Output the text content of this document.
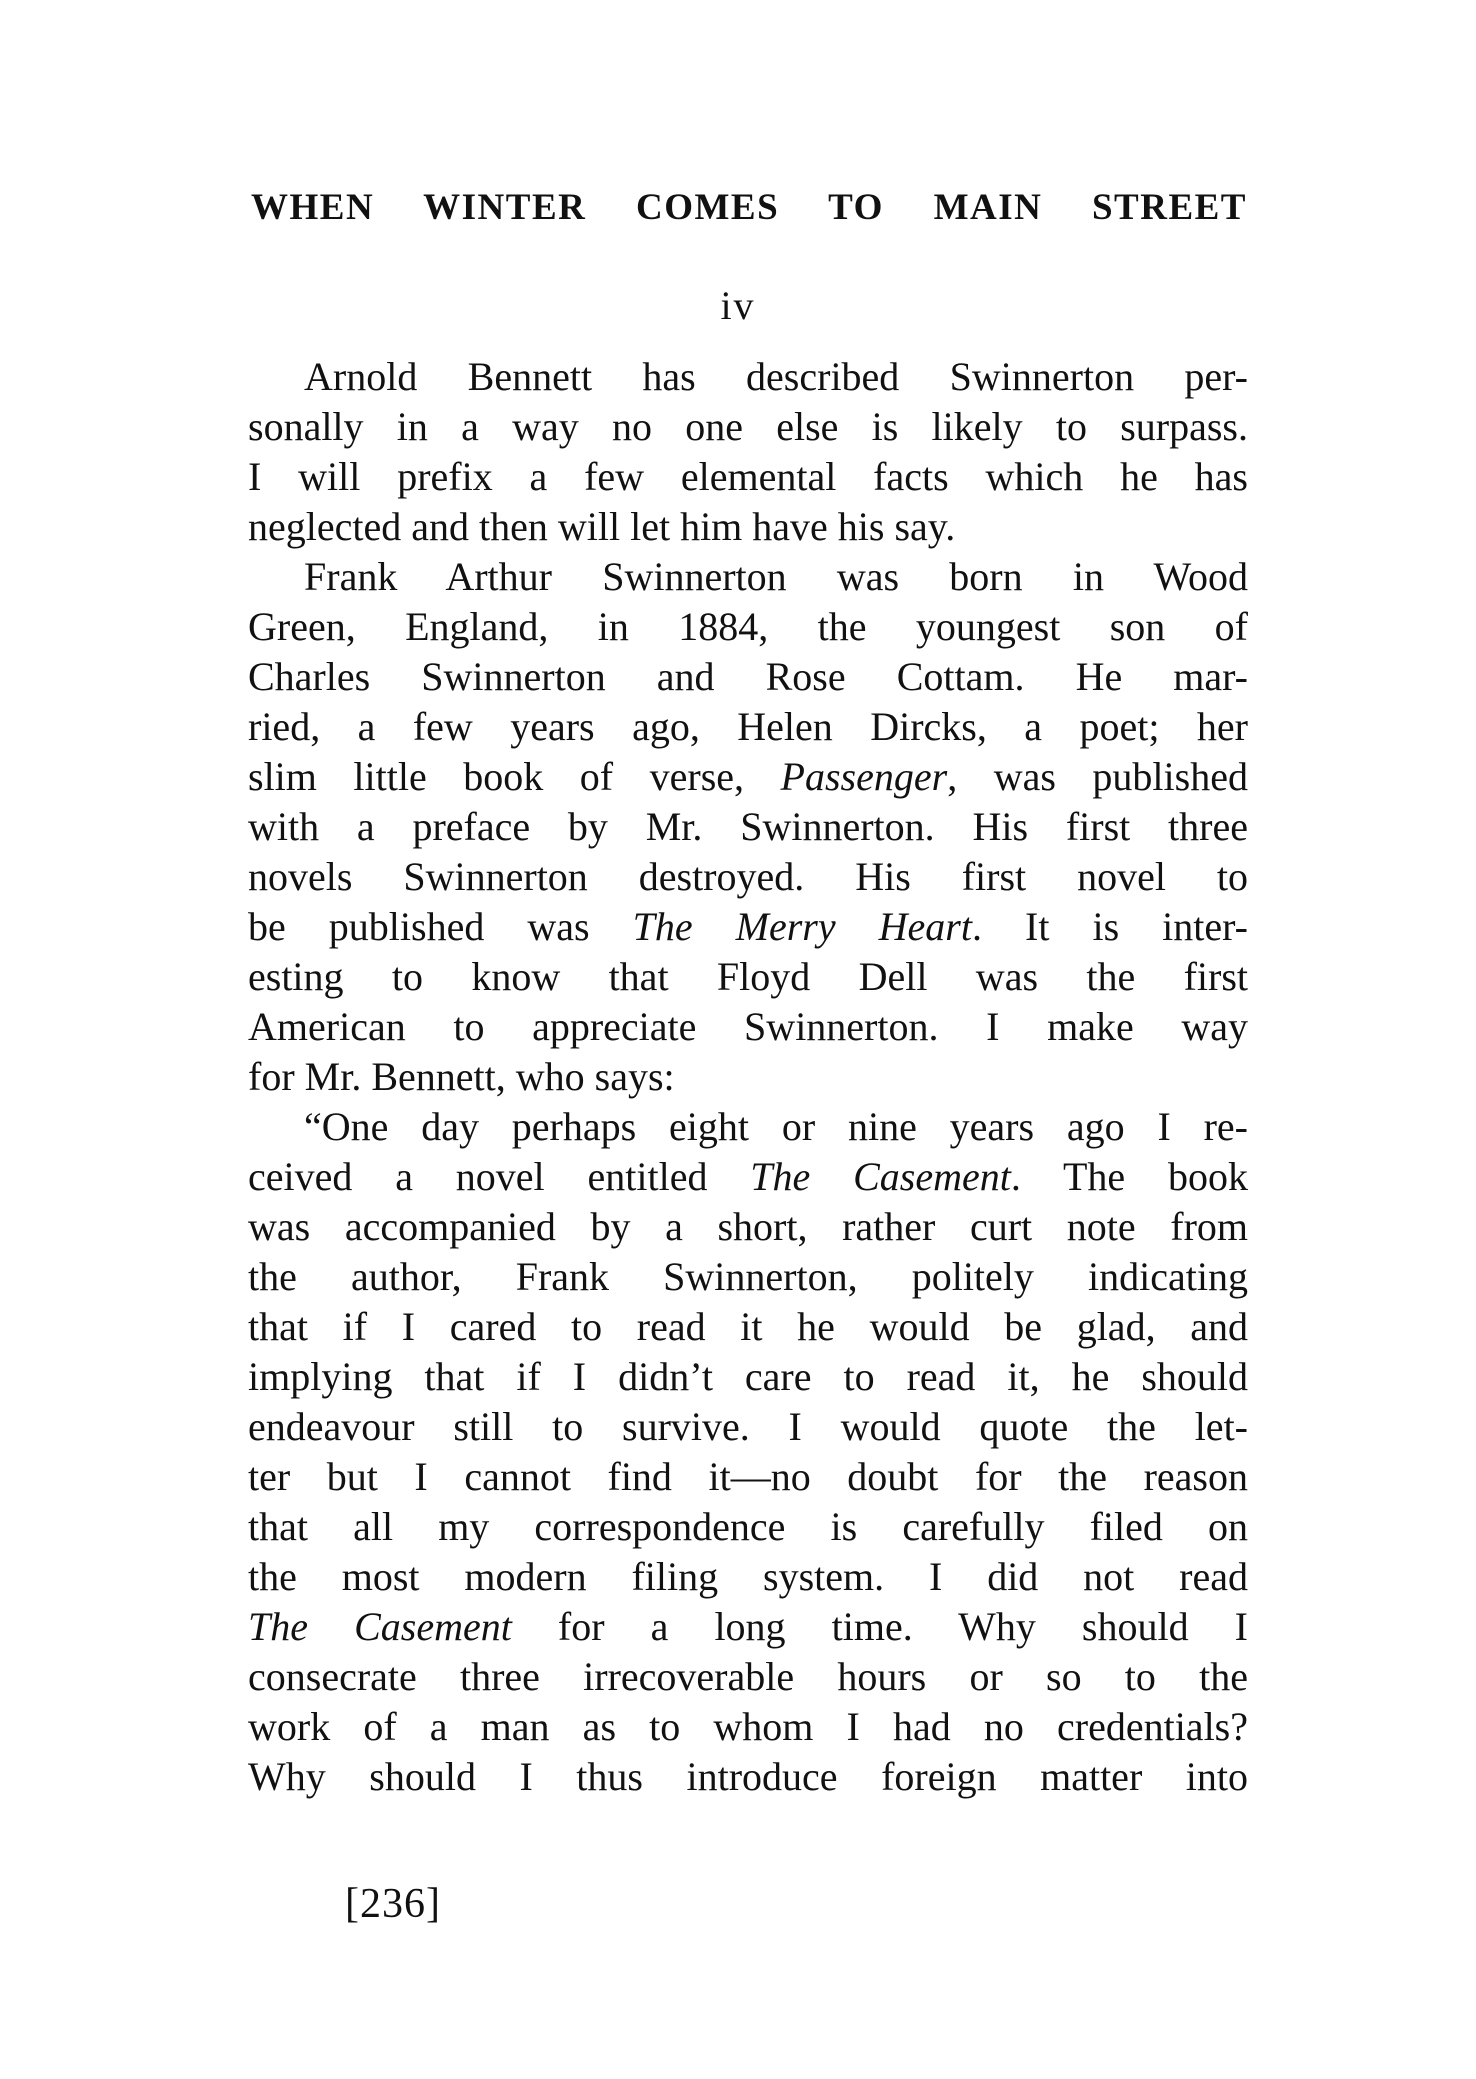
WHEN WINTER COMES TO MAIN STREET
iv
Arnold Bennett has described Swinnerton per-
sonally in a way no one else is likely to surpass.
I will prefix a few elemental facts which he has
neglected and then will let him have his say.
Frank Arthur Swinnerton was born in Wood
Green, England, in 1884, the youngest son of
Charles Swinnerton and Rose Cottam. He mar-
ried, a few years ago, Helen Dircks, a poet; her
slim little book of verse, Passenger, was published
with a preface by Mr. Swinnerton. His first three
novels Swinnerton destroyed. His first novel to
be published was The Merry Heart. It is inter-
esting to know that Floyd Dell was the first
American to appreciate Swinnerton. I make way
for Mr. Bennett, who says:
“One day perhaps eight or nine years ago I re-
ceived a novel entitled The Casement. The book
was accompanied by a short, rather curt note from
the author, Frank Swinnerton, politely indicating
that if I cared to read it he would be glad, and
implying that if I didn’t care to read it, he should
endeavour still to survive. I would quote the let-
ter but I cannot find it—no doubt for the reason
that all my correspondence is carefully filed on
the most modern filing system. I did not read
The Casement for a long time. Why should I
consecrate three irrecoverable hours or so to the
work of a man as to whom I had no credentials?
Why should I thus introduce foreign matter into
[236]
